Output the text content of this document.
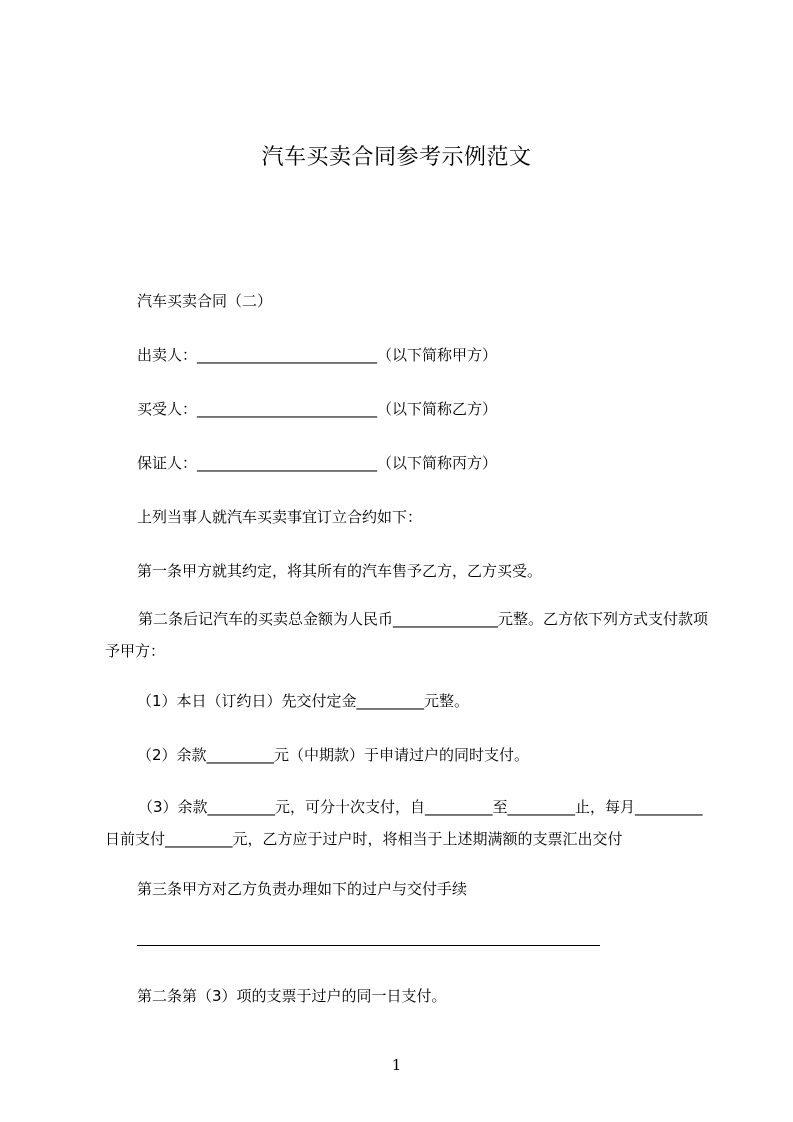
汽车买卖合同参考示例范文
汽车买卖合同（二）
出卖人：________________________（以下简称甲方）
买受人：________________________（以下简称乙方）
保证人：________________________（以下简称丙方）
上列当事人就汽车买卖事宜订立合约如下：
第一条甲方就其约定，将其所有的汽车售予乙方，乙方买受。
第二条后记汽车的买卖总金额为人民币______________元整。乙方依下列方式支付款项予甲方：
（1）本日（订约日）先交付定金_________元整。
（2）余款_________元（中期款）于申请过户的同时支付。
（3）余款_________元，可分十次支付，自_________至_________止，每月_________日前支付_________元，乙方应于过户时，将相当于上述期满额的支票汇出交付
第三条甲方对乙方负责办理如下的过户与交付手续
第二条第（3）项的支票于过户的同一日支付。
1
